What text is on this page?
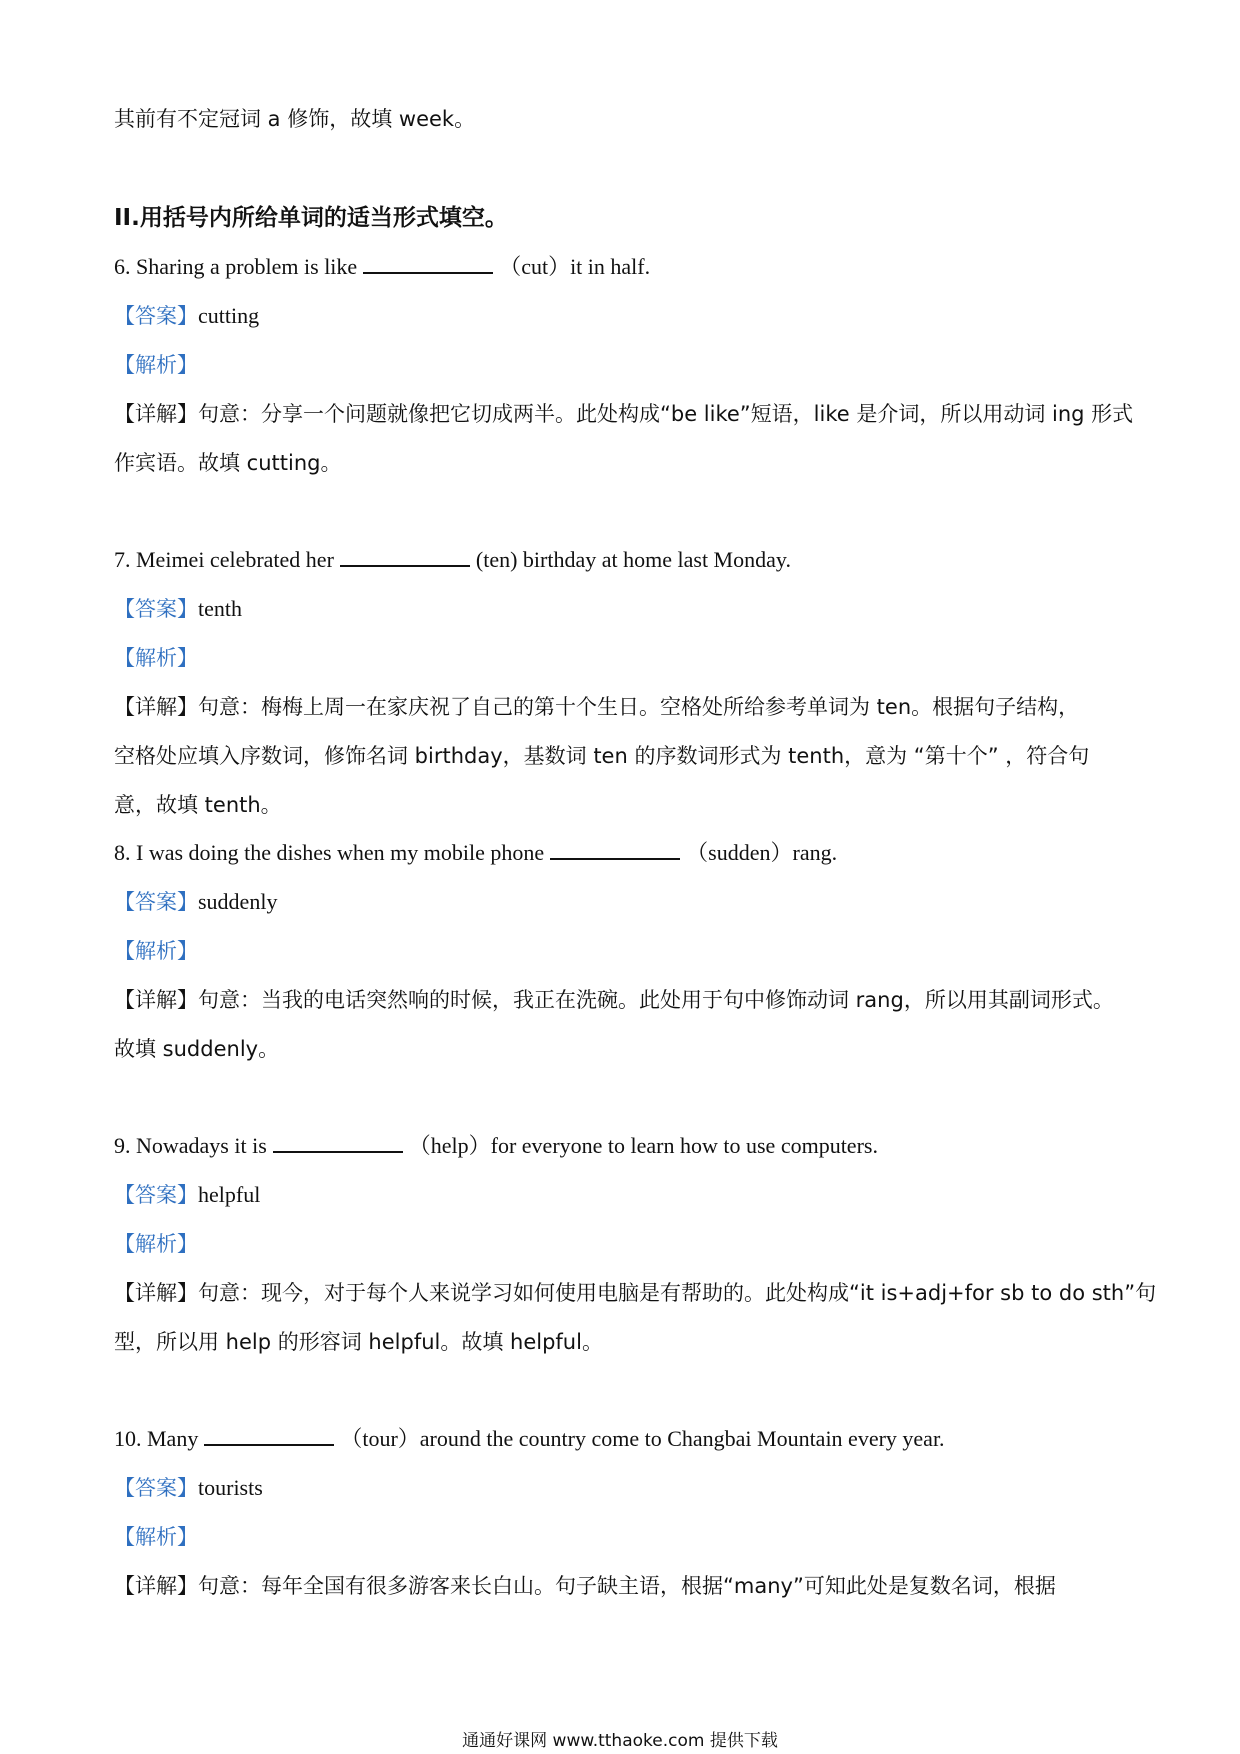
其前有不定冠词 a 修饰，故填 week。
II.用括号内所给单词的适当形式填空。
6. Sharing a problem is like	（cut）it in half.
【答案】cutting
【解析】
【详解】句意：分享一个问题就像把它切成两半。此处构成“be like”短语，like 是介词，所以用动词 ing 形式
作宾语。故填 cutting。
7. Meimei celebrated her	(ten) birthday at home last Monday.
【答案】tenth
【解析】
【详解】句意：梅梅上周一在家庆祝了自己的第十个生日。空格处所给参考单词为 ten。根据句子结构，
空格处应填入序数词，修饰名词 birthday，基数词 ten 的序数词形式为 tenth，意为 “第十个” ，符合句
意，故填 tenth。
8. I was doing the dishes when my mobile phone	（sudden）rang.
【答案】suddenly
【解析】
【详解】句意：当我的电话突然响的时候，我正在洗碗。此处用于句中修饰动词 rang，所以用其副词形式。
故填 suddenly。
9. Nowadays it is	（help）for everyone to learn how to use computers.
【答案】helpful
【解析】
【详解】句意：现今，对于每个人来说学习如何使用电脑是有帮助的。此处构成“it is+adj+for sb to do sth”句
型，所以用 help 的形容词 helpful。故填 helpful。
10. Many	（tour）around the country come to Changbai Mountain every year.
【答案】tourists
【解析】
【详解】句意：每年全国有很多游客来长白山。句子缺主语，根据“many”可知此处是复数名词，根据
通通好课网 www.tthaoke.com 提供下载
